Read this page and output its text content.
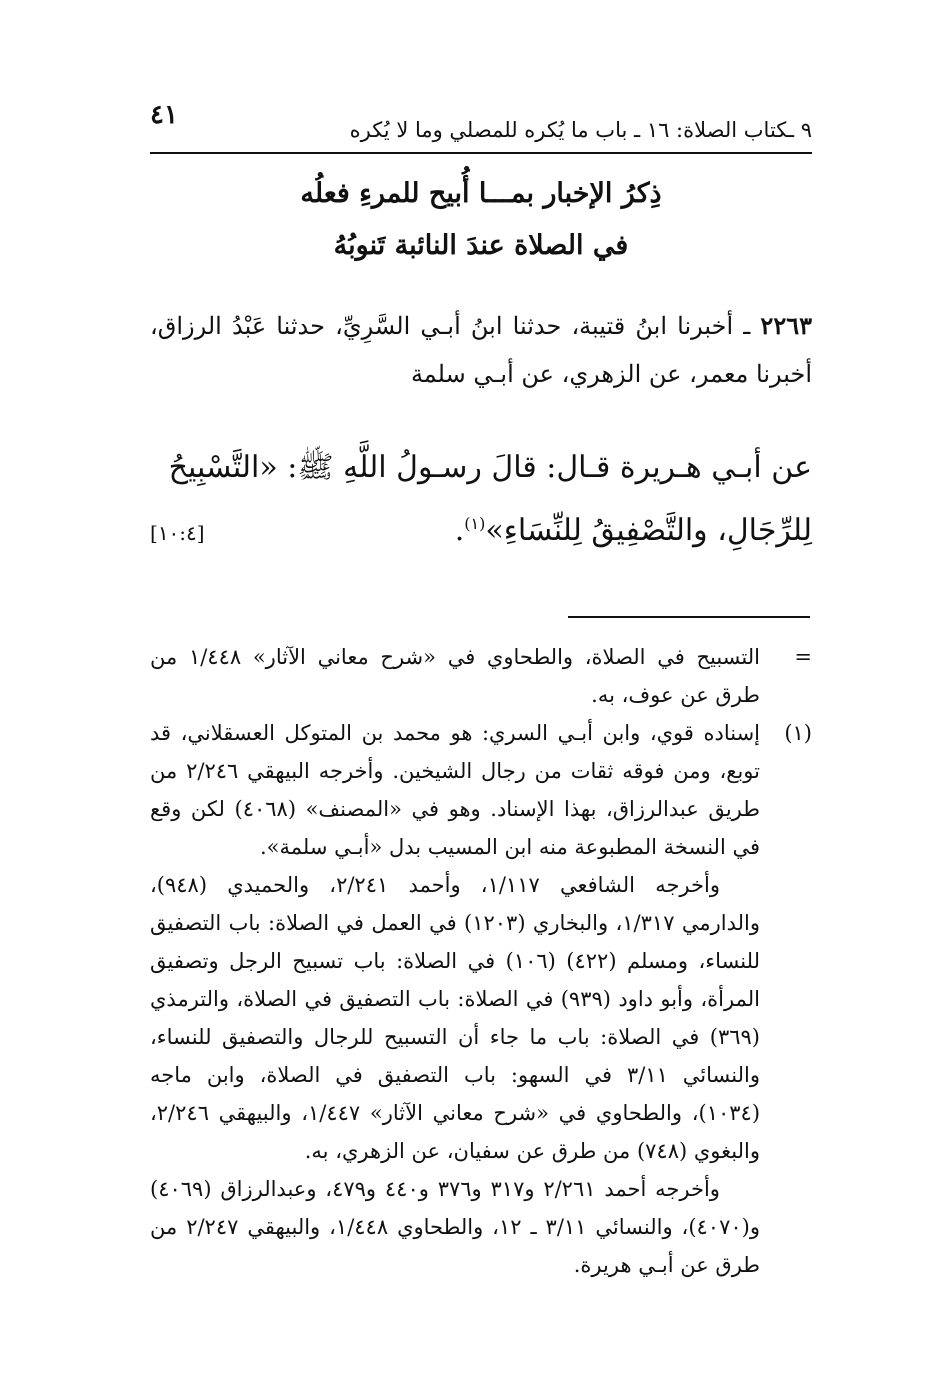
٤١	٩ ـكتاب الصلاة: ١٦ ـ باب ما يُكره للمصلي وما لا يُكره
ذِكرُ الإخبار بمـــا أُبيح للمرءِ فعلُه
في الصلاة عندَ النائبة تَنوبُهُ
٢٢٦٣ ـ أخبرنا ابنُ قتيبة، حدثنا ابنُ أبـي السَّرِيِّ، حدثنا عَبْدُ الرزاق، أخبرنا معمر، عن الزهري، عن أبـي سلمة
عن أبـي هـريرة قـال: قالَ رسـولُ اللَّهِ ﷺ: «التَّسْبِيحُ
لِلرِّجَالِ، والتَّصْفِيقُ لِلنِّسَاءِ»$^{(١)}$.
[١٠:٤]
=
التسبيح في الصلاة، والطحاوي في «شرح معاني الآثار» ١/٤٤٨ من طرق عن عوف، به.
(١)
إسناده قوي، وابن أبـي السري: هو محمد بن المتوكل العسقلاني، قد توبع، ومن فوقه ثقات من رجال الشيخين. وأخرجه البيهقي ٢/٢٤٦ من طريق عبدالرزاق، بهذا الإسناد. وهو في «المصنف» (٤٠٦٨) لكن وقع في النسخة المطبوعة منه ابن المسيب بدل «أبـي سلمة».
وأخرجه الشافعي ١/١١٧، وأحمد ٢/٢٤١، والحميدي (٩٤٨)، والدارمي ١/٣١٧، والبخاري (١٢٠٣) في العمل في الصلاة: باب التصفيق للنساء، ومسلم (٤٢٢) (١٠٦) في الصلاة: باب تسبيح الرجل وتصفيق المرأة، وأبو داود (٩٣٩) في الصلاة: باب التصفيق في الصلاة، والترمذي (٣٦٩) في الصلاة: باب ما جاء أن التسبيح للرجال والتصفيق للنساء، والنسائي ٣/١١ في السهو: باب التصفيق في الصلاة، وابن ماجه (١٠٣٤)، والطحاوي في «شرح معاني الآثار» ١/٤٤٧، والبيهقي ٢/٢٤٦، والبغوي (٧٤٨) من طرق عن سفيان، عن الزهري، به.
وأخرجه أحمد ٢/٢٦١ و٣١٧ و٣٧٦ و٤٤٠ و٤٧٩، وعبدالرزاق (٤٠٦٩) و(٤٠٧٠)، والنسائي ٣/١١ ـ ١٢، والطحاوي ١/٤٤٨، والبيهقي ٢/٢٤٧ من طرق عن أبـي هريرة.
